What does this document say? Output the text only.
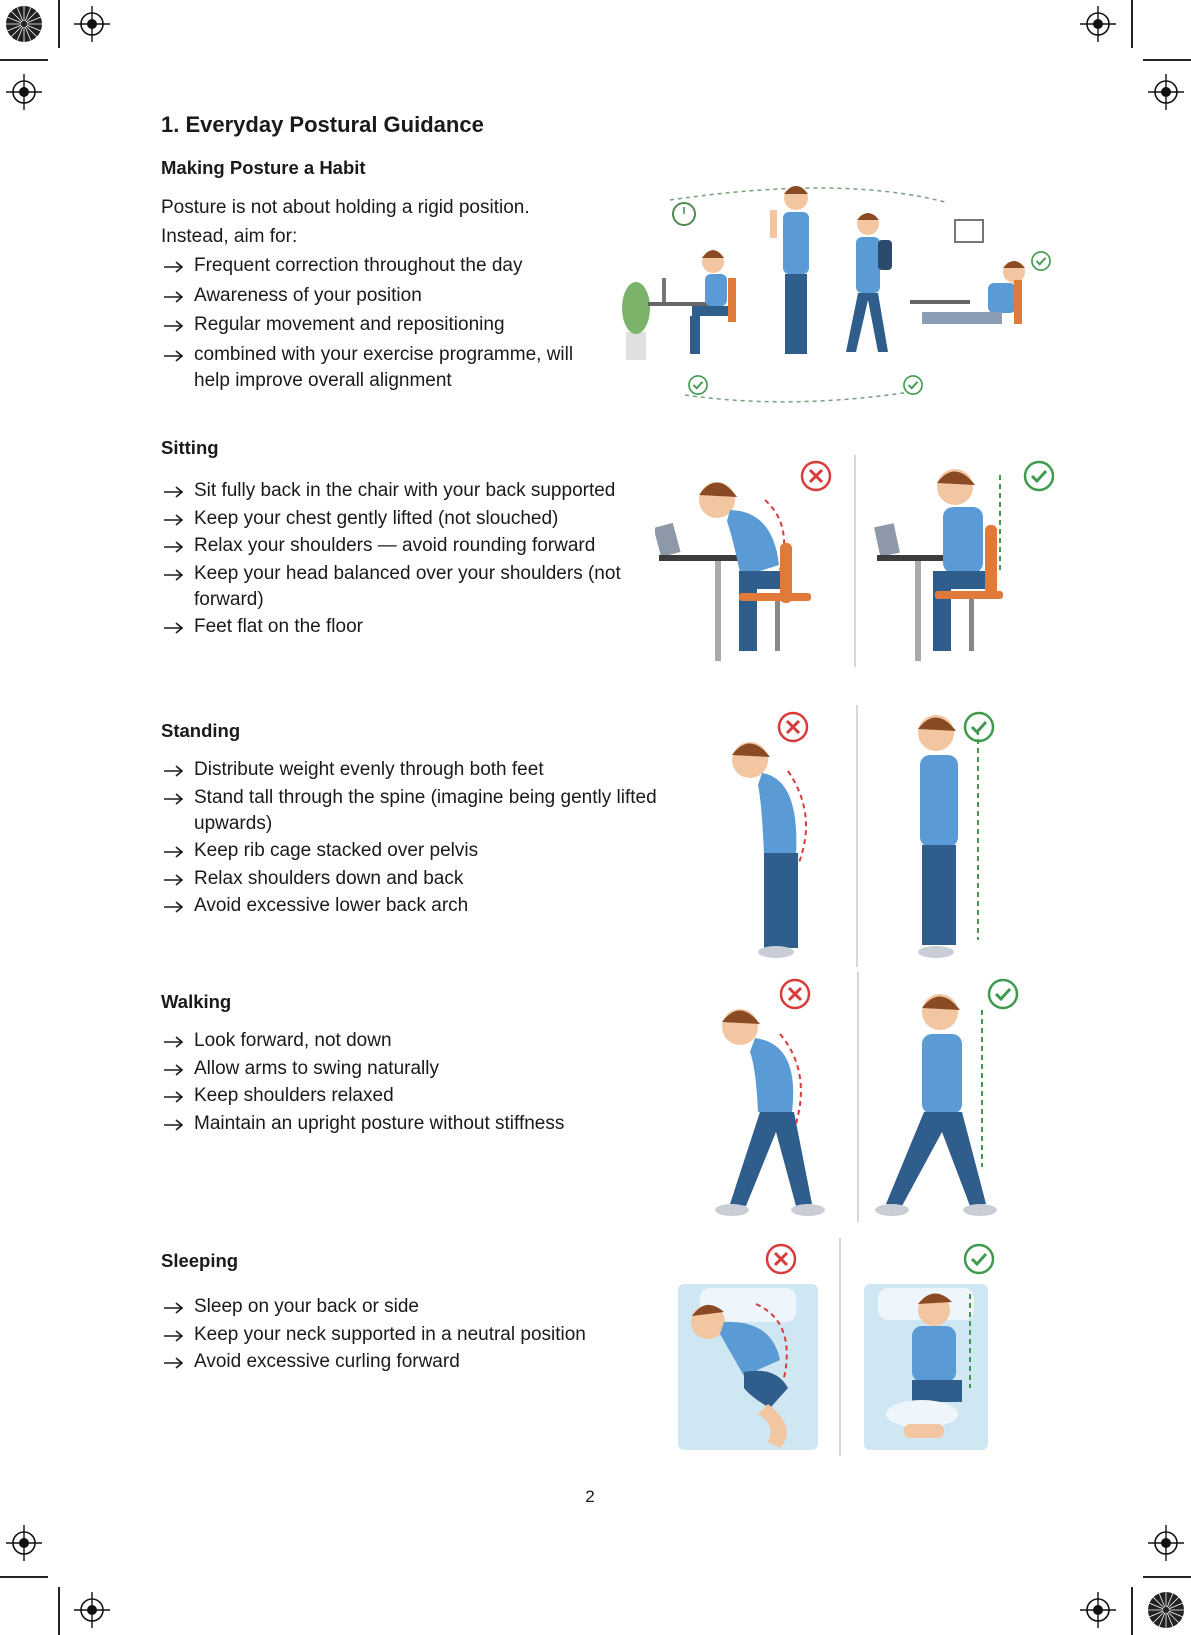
1. Everyday Postural Guidance
Making Posture a Habit
Posture is not about holding a rigid position.
Instead, aim for:
Frequent correction throughout the day
Awareness of your position
Regular movement and repositioning
combined with your exercise programme, will help improve overall alignment
Sitting
Sit fully back in the chair with your back supported
Keep your chest gently lifted (not slouched)
Relax your shoulders — avoid rounding forward
Keep your head balanced over your shoulders (not forward)
Feet flat on the floor
Standing
Distribute weight evenly through both feet
Stand tall through the spine (imagine being gently lifted upwards)
Keep rib cage stacked over pelvis
Relax shoulders down and back
Avoid excessive lower back arch
Walking
Look forward, not down
Allow arms to swing naturally
Keep shoulders relaxed
Maintain an upright posture without stiffness
Sleeping
Sleep on your back or side
Keep your neck supported in a neutral position
Avoid excessive curling forward
2
